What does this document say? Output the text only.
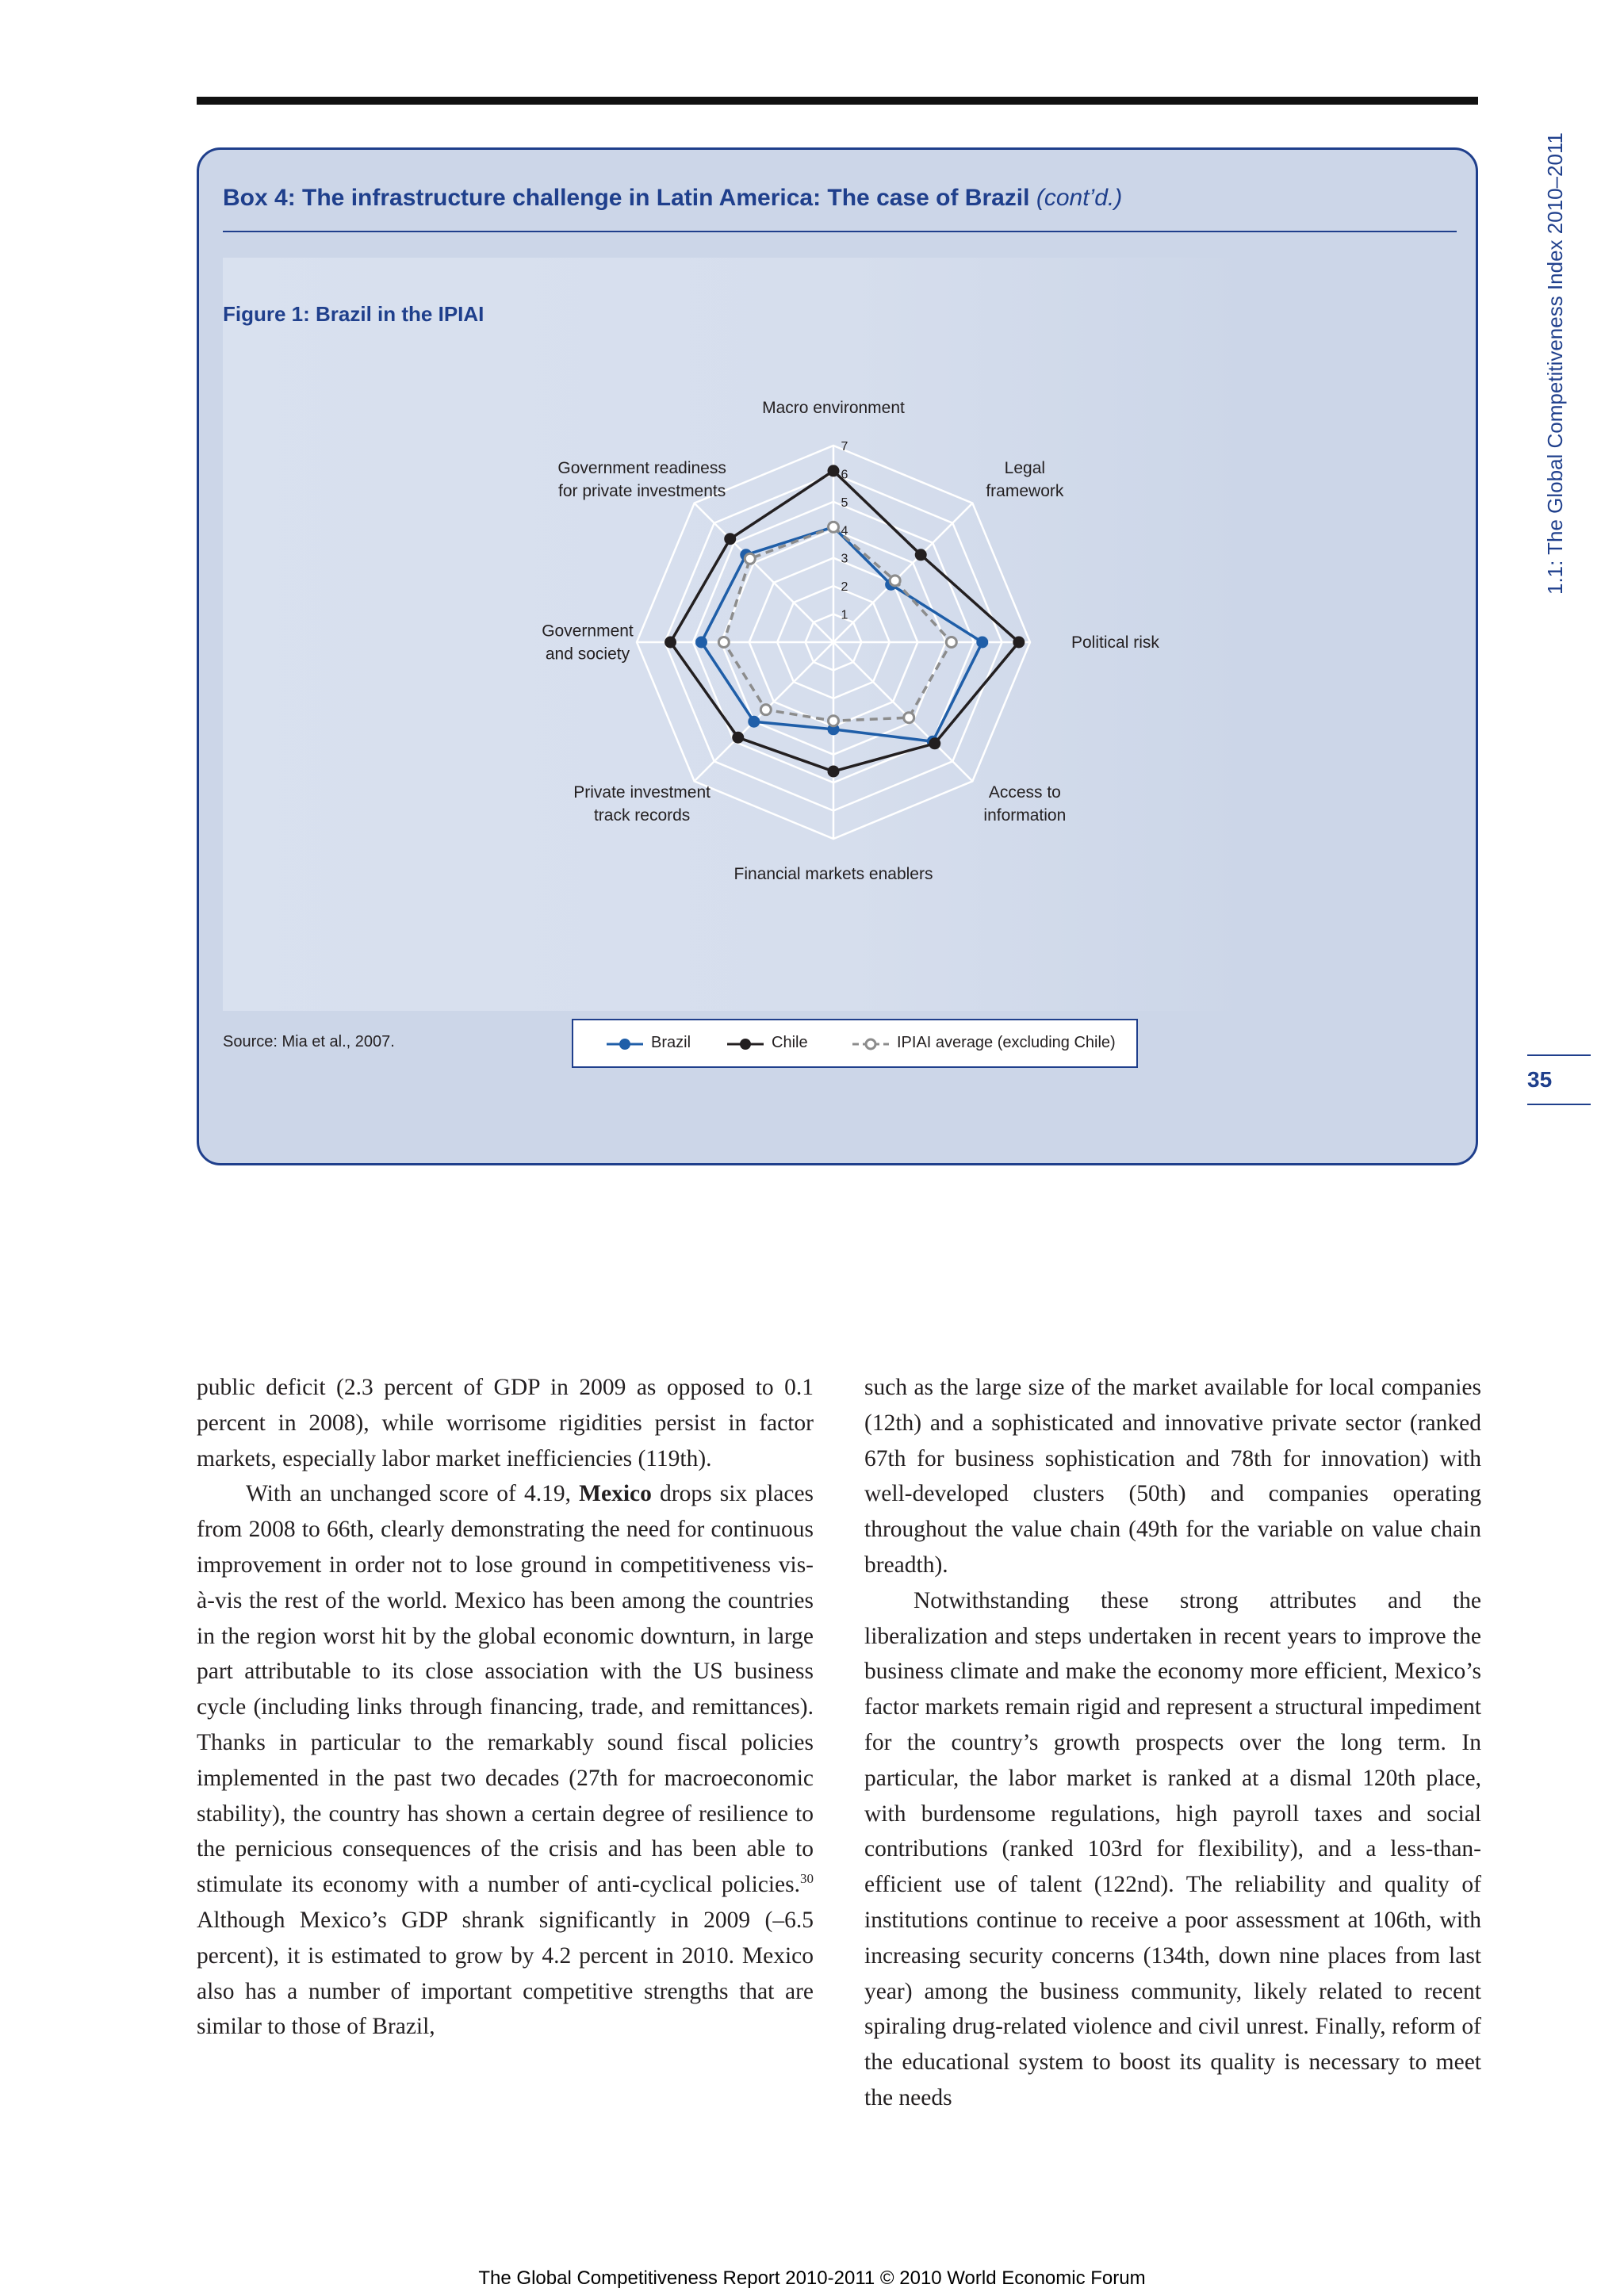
Box 4: The infrastructure challenge in Latin America: The case of Brazil (cont’d.)
1
2
3
4
5
6
7
Macro environment
Legal
framework
Political risk
Access to
information
Financial markets enablers
Private investment
track records
Government
and society
Government readiness
for private investments
Brazil	Chile	IPIAI average (excluding Chile)
Figure 1: Brazil in the IPIAI
Source: Mia et al., 2007.
1.1: The Global Competitiveness Index 2010–2011
35

public deficit (2.3 percent of GDP in 2009 as opposed to 0.1 percent in 2008), while worrisome rigidities persist in factor markets, especially labor market inefficiencies (119th).

With an unchanged score of 4.19, Mexico drops six places from 2008 to 66th, clearly demonstrating the need for continuous improvement in order not to lose ground in competitiveness vis-à-vis the rest of the world. Mexico has been among the countries in the region worst hit by the global economic downturn, in large part attributable to its close association with the US business cycle (including links through financing, trade, and remittances). Thanks in particular to the remarkably sound fiscal policies implemented in the past two decades (27th for macroeconomic stability), the country has shown a certain degree of resilience to the pernicious consequences of the crisis and has been able to stimulate its economy with a number of anti-cyclical policies.$^{30}$ Although Mexico’s GDP shrank significantly in 2009 (–6.5 percent), it is estimated to grow by 4.2 percent in 2010. Mexico also has a number of important competitive strengths that are similar to those of Brazil,

such as the large size of the market available for local companies (12th) and a sophisticated and innovative private sector (ranked 67th for business sophistication and 78th for innovation) with well-developed clusters (50th) and companies operating throughout the value chain (49th for the variable on value chain breadth).

Notwithstanding these strong attributes and the liberalization and steps undertaken in recent years to improve the business climate and make the economy more efficient, Mexico’s factor markets remain rigid and represent a structural impediment for the country’s growth prospects over the long term. In particular, the labor market is ranked at a dismal 120th place, with burdensome regulations, high payroll taxes and social contributions (ranked 103rd for flexibility), and a less-than-efficient use of talent (122nd). The reliability and quality of institutions continue to receive a poor assessment at 106th, with increasing security concerns (134th, down nine places from last year) among the business community, likely related to recent spiraling drug-related violence and civil unrest. Finally, reform of the educational system to boost its quality is necessary to meet the needs

The Global Competitiveness Report 2010-2011 © 2010 World Economic Forum
